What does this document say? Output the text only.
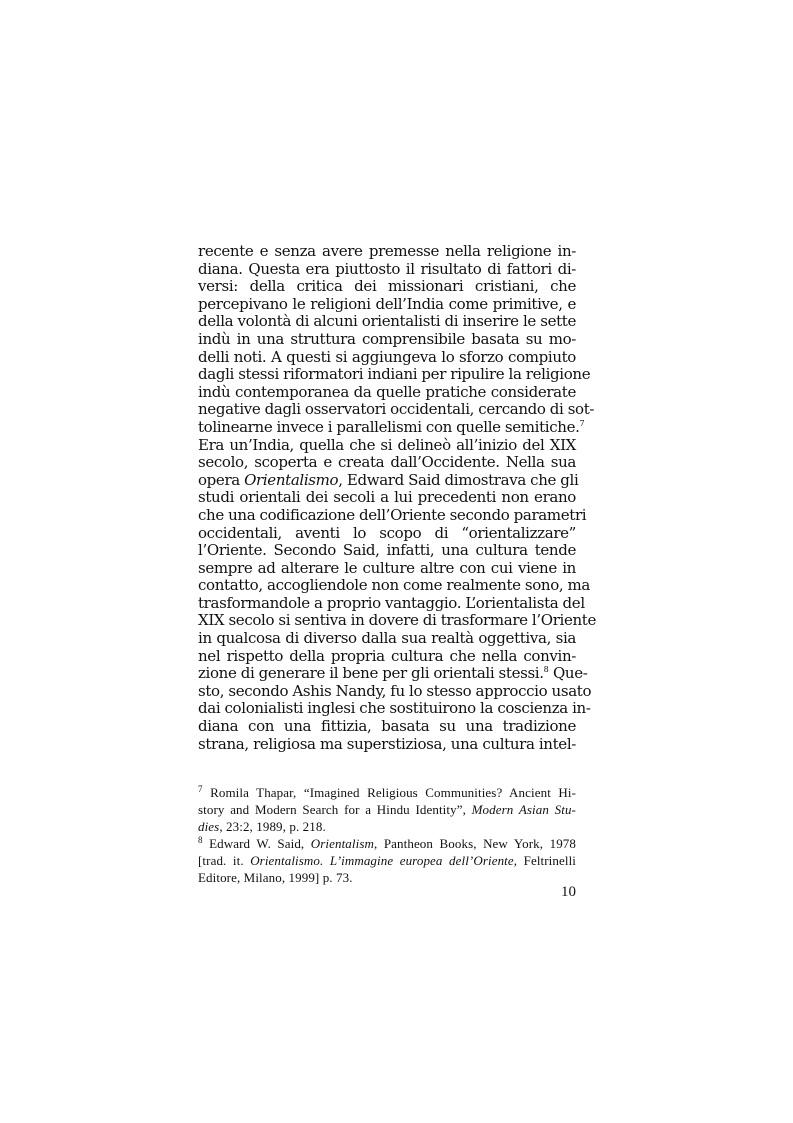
recente e senza avere premesse nella religione in-
diana. Questa era piuttosto il risultato di fattori di-
versi: della critica dei missionari cristiani, che
percepivano le religioni dell’India come primitive, e
della volontà di alcuni orientalisti di inserire le sette
indù in una struttura comprensibile basata su mo-
delli noti. A questi si aggiungeva lo sforzo compiuto
dagli stessi riformatori indiani per ripulire la religione
indù contemporanea da quelle pratiche considerate
negative dagli osservatori occidentali, cercando di sot-
tolinearne invece i parallelismi con quelle semitiche.$^7$
Era un’India, quella che si delineò all’inizio del XIX
secolo, scoperta e creata dall’Occidente. Nella sua
opera Orientalismo, Edward Said dimostrava che gli
studi orientali dei secoli a lui precedenti non erano
che una codificazione dell’Oriente secondo parametri
occidentali, aventi lo scopo di “orientalizzare”
l’Oriente. Secondo Said, infatti, una cultura tende
sempre ad alterare le culture altre con cui viene in
contatto, accogliendole non come realmente sono, ma
trasformandole a proprio vantaggio. L’orientalista del
XIX secolo si sentiva in dovere di trasformare l’Oriente
in qualcosa di diverso dalla sua realtà oggettiva, sia
nel rispetto della propria cultura che nella convin-
zione di generare il bene per gli orientali stessi.$^8$ Que-
sto, secondo Ashis Nandy, fu lo stesso approccio usato
dai colonialisti inglesi che sostituirono la coscienza in-
diana con una fittizia, basata su una tradizione
strana, religiosa ma superstiziosa, una cultura intel-
$^7$ Romila Thapar, “Imagined Religious Communities? Ancient Hi-
story and Modern Search for a Hindu Identity”, Modern Asian Stu-
dies, 23:2, 1989, p. 218.
$^8$ Edward W. Said, Orientalism, Pantheon Books, New York, 1978
[trad. it. Orientalismo. L’immagine europea dell’Oriente, Feltrinelli
Editore, Milano, 1999] p. 73.
10
